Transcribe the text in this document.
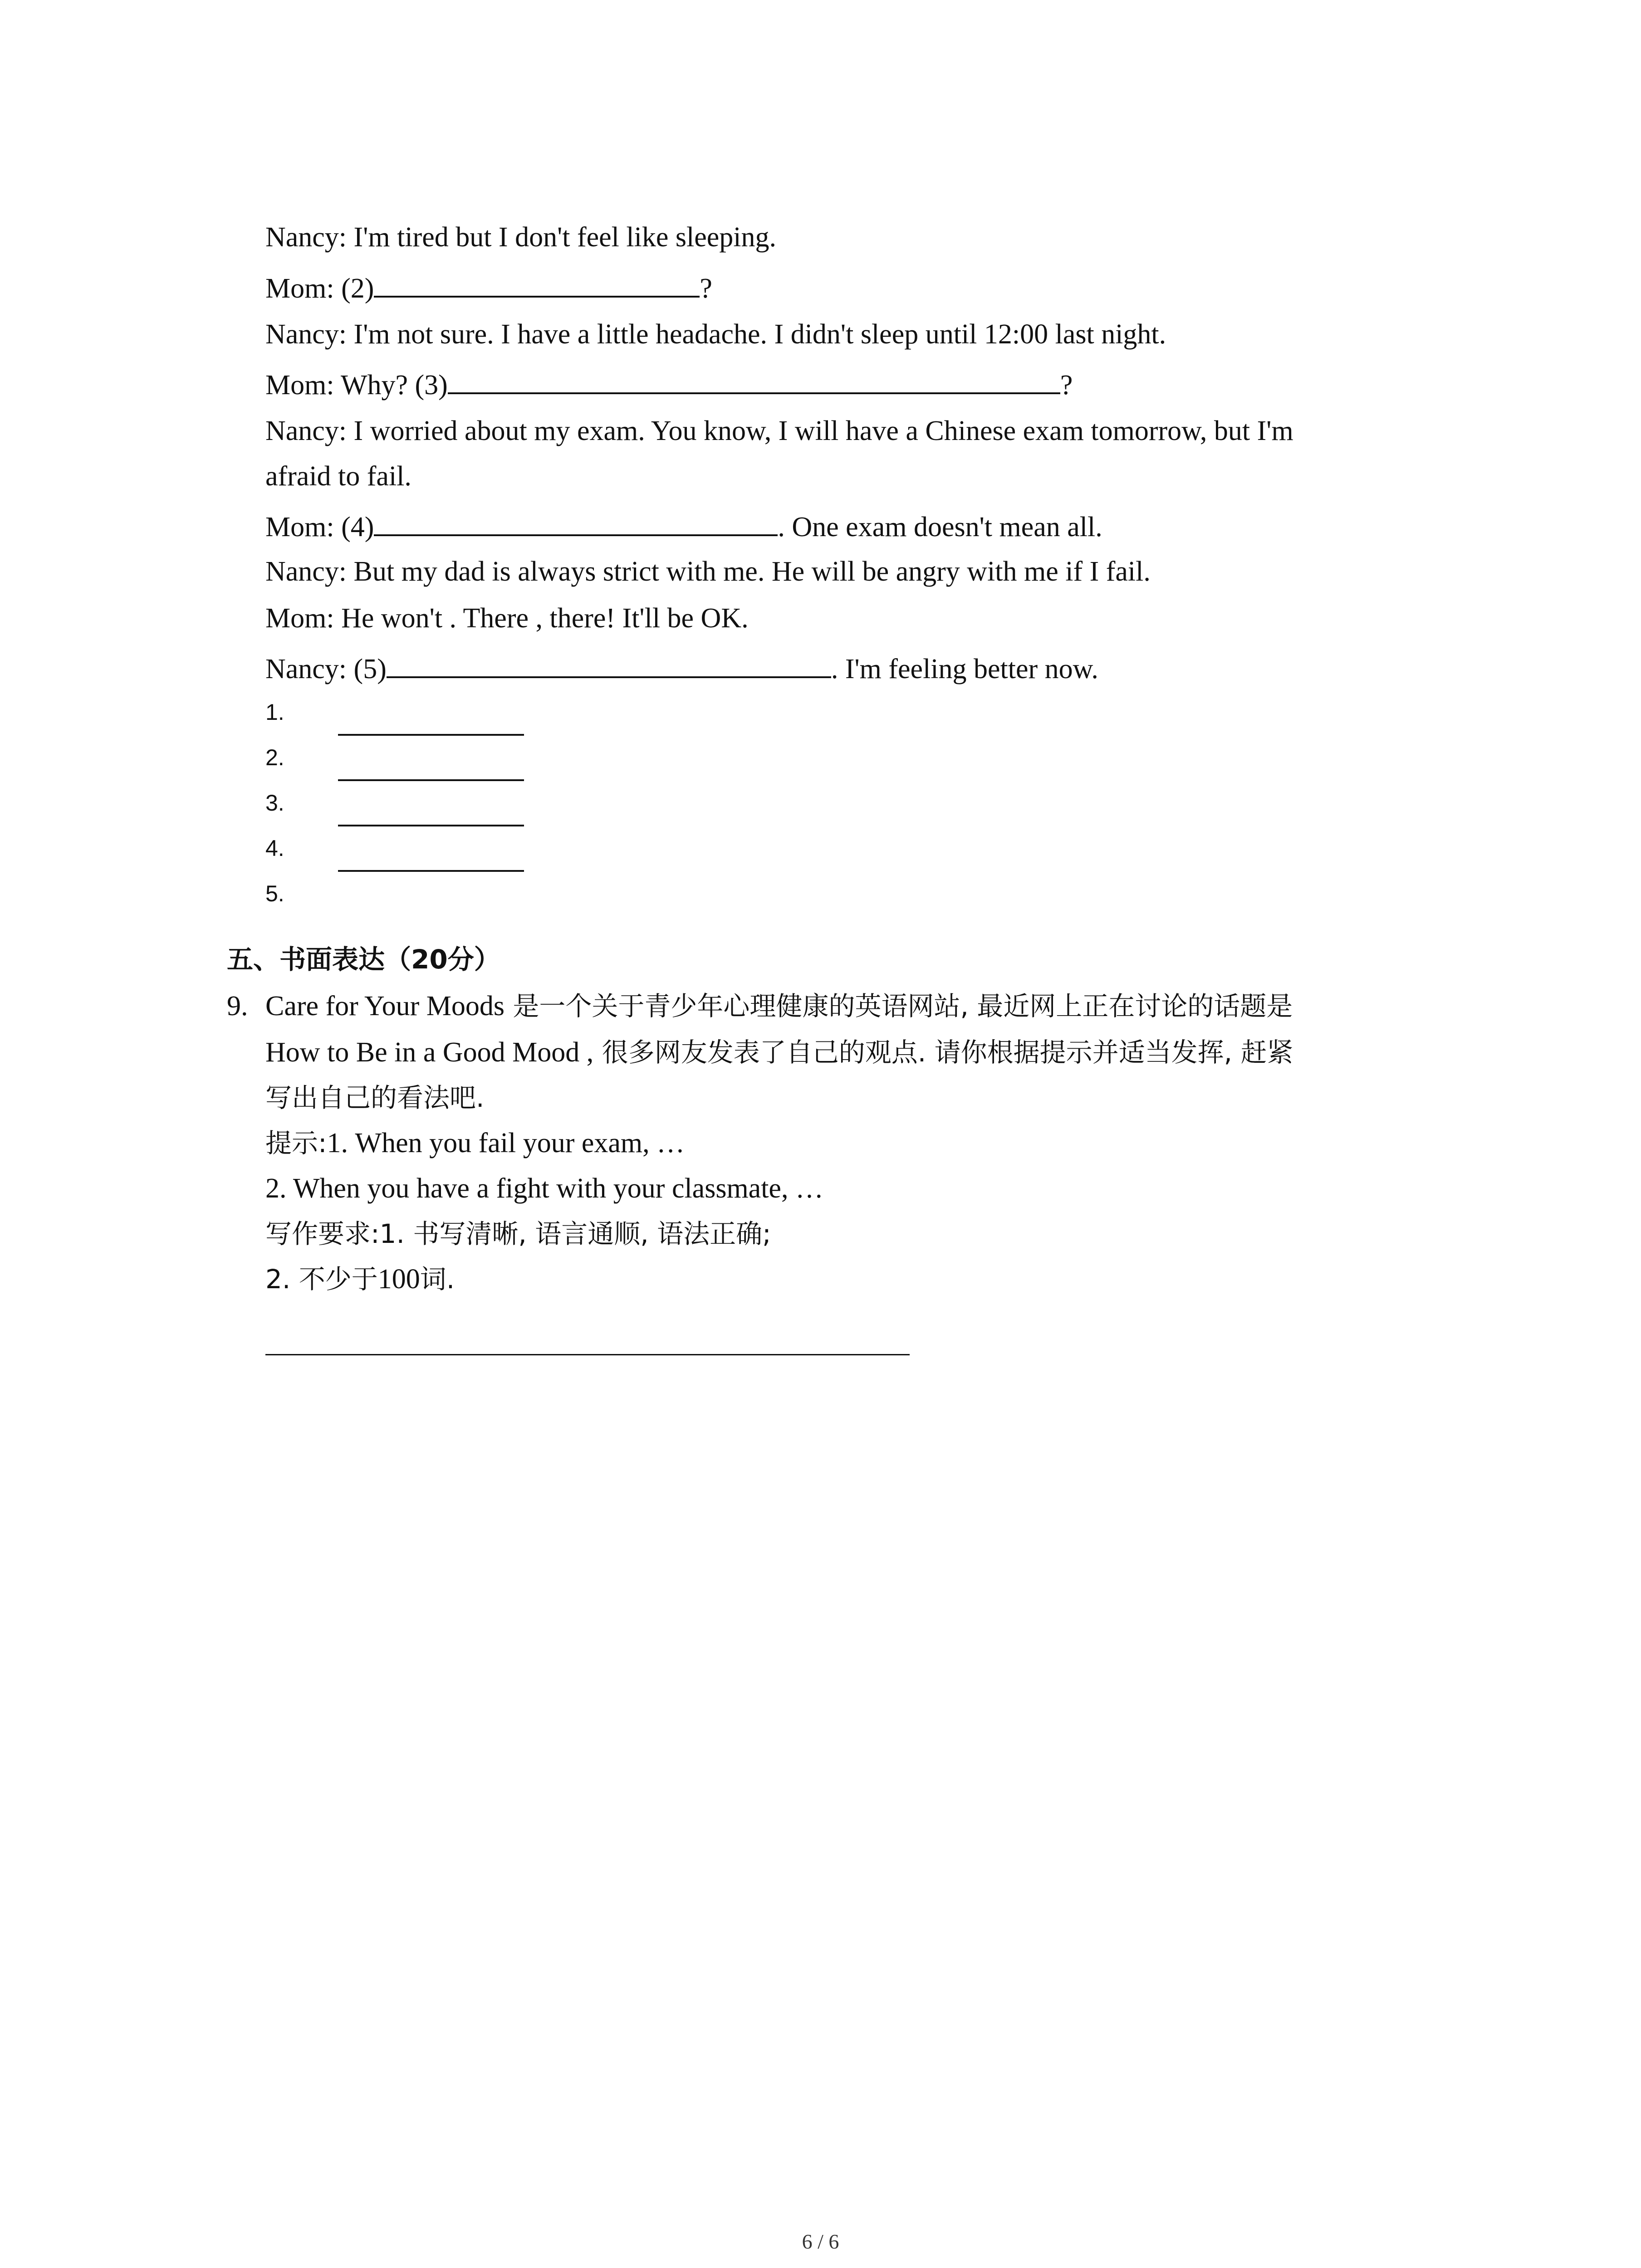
Nancy: I'm tired but I don't feel like sleeping.
Mom: (2)	?
Nancy: I'm not sure. I have a little headache. I didn't sleep until 12:00 last night.
Mom: Why? (3)	?
Nancy: I worried about my exam. You know, I will have a Chinese exam tomorrow, but I'm
afraid to fail.
Mom: (4)	. One exam doesn't mean all.
Nancy: But my dad is always strict with me. He will be angry with me if I fail.
Mom: He won't . There , there! It'll be OK.
Nancy: (5)	. I'm feeling better now.
1.
2.
3.
4.
5.
五、书面表达（20分）
9. Care for Your Moods 是一个关于青少年心理健康的英语网站, 最近网上正在讨论的话题是
How to Be in a Good Mood , 很多网友发表了自己的观点. 请你根据提示并适当发挥, 赶紧
写出自己的看法吧.
提示:1. When you fail your exam, …
2. When you have a fight with your classmate, …
写作要求:1. 书写清晰, 语言通顺, 语法正确;
2. 不少于100词.
6 / 6
